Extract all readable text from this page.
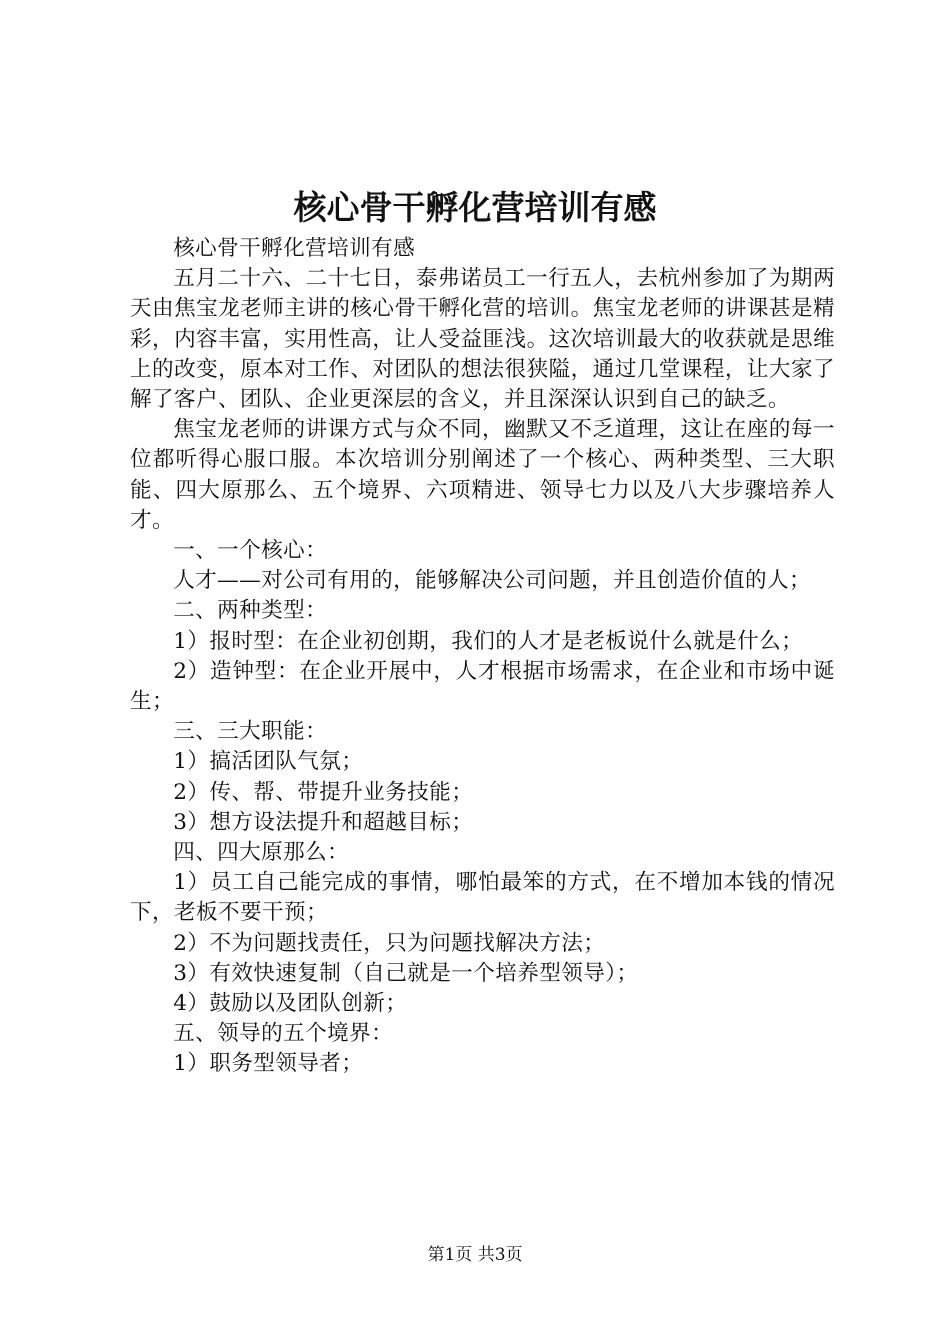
核心骨干孵化营培训有感

核心骨干孵化营培训有感

五月二十六、二十七日，泰弗诺员工一行五人，去杭州参加了为期两天由焦宝龙老师主讲的核心骨干孵化营的培训。焦宝龙老师的讲课甚是精彩，内容丰富，实用性高，让人受益匪浅。这次培训最大的收获就是思维上的改变，原本对工作、对团队的想法很狭隘，通过几堂课程，让大家了解了客户、团队、企业更深层的含义，并且深深认识到自己的缺乏。

焦宝龙老师的讲课方式与众不同，幽默又不乏道理，这让在座的每一位都听得心服口服。本次培训分别阐述了一个核心、两种类型、三大职能、四大原那么、五个境界、六项精进、领导七力以及八大步骤培养人才。

一、一个核心：

人才——对公司有用的，能够解决公司问题，并且创造价值的人；

二、两种类型：

1）报时型：在企业初创期，我们的人才是老板说什么就是什么；

2）造钟型：在企业开展中，人才根据市场需求，在企业和市场中诞生；

三、三大职能：

1）搞活团队气氛；

2）传、帮、带提升业务技能；

3）想方设法提升和超越目标；

四、四大原那么：

1）员工自己能完成的事情，哪怕最笨的方式，在不增加本钱的情况下，老板不要干预；

2）不为问题找责任，只为问题找解决方法；

3）有效快速复制（自己就是一个培养型领导）；

4）鼓励以及团队创新；

五、领导的五个境界：

1）职务型领导者；

第1页 共3页
